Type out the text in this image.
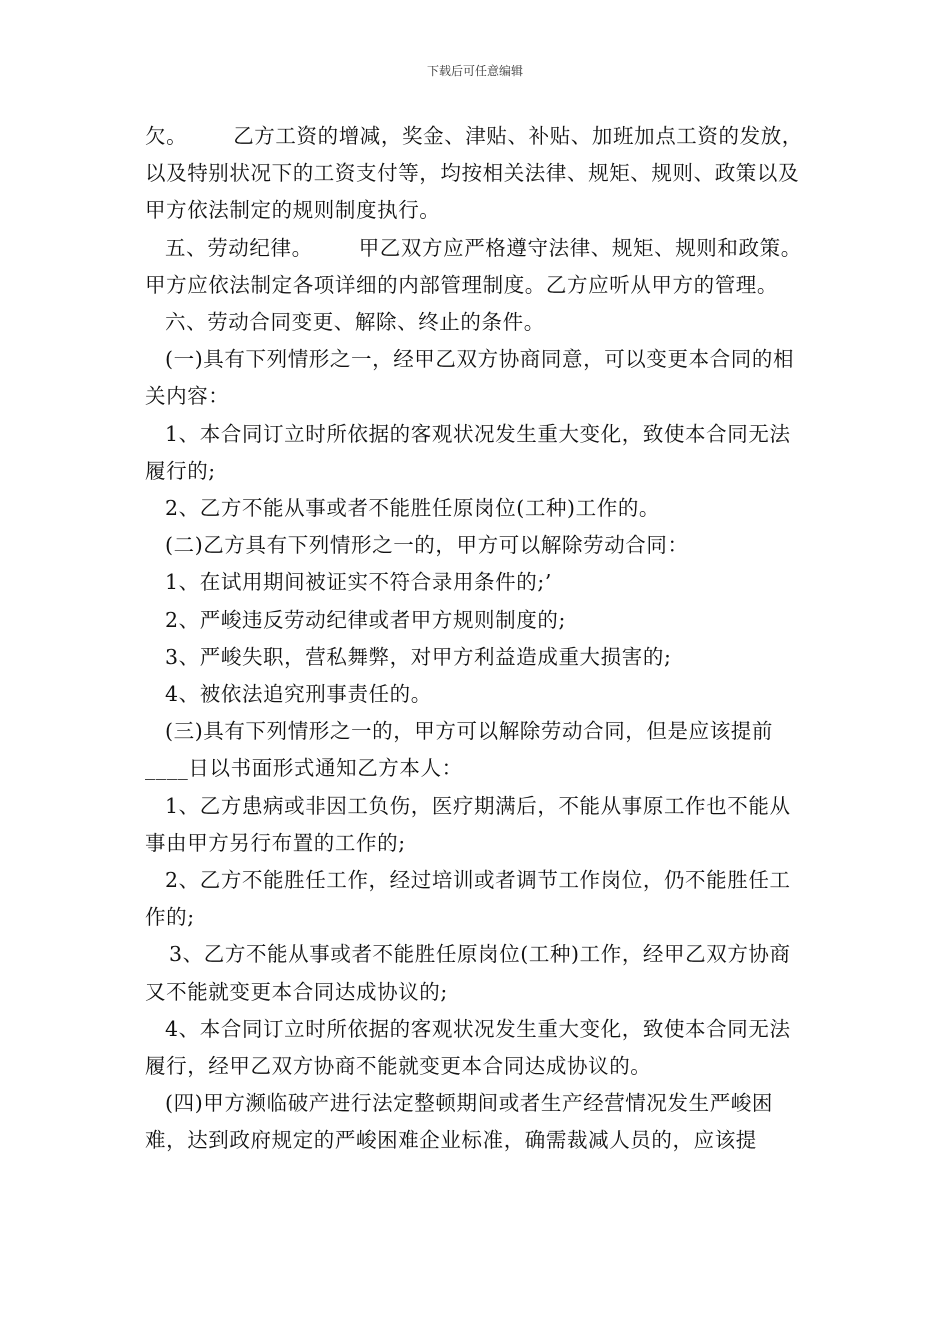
下载后可任意编辑

欠。 乙方工资的增减，奖金、津贴、补贴、加班加点工资的发放，以及特别状况下的工资支付等，均按相关法律、规矩、规则、政策以及甲方依法制定的规则制度执行。

五、劳动纪律。 甲乙双方应严格遵守法律、规矩、规则和政策。甲方应依法制定各项详细的内部管理制度。乙方应听从甲方的管理。

六、劳动合同变更、解除、终止的条件。

(一)具有下列情形之一，经甲乙双方协商同意，可以变更本合同的相关内容：

1、本合同订立时所依据的客观状况发生重大变化，致使本合同无法履行的;

2、乙方不能从事或者不能胜任原岗位(工种)工作的。

(二)乙方具有下列情形之一的，甲方可以解除劳动合同：

1、在试用期间被证实不符合录用条件的;’

2、严峻违反劳动纪律或者甲方规则制度的;

3、严峻失职，营私舞弊，对甲方利益造成重大损害的;

4、被依法追究刑事责任的。

(三)具有下列情形之一的，甲方可以解除劳动合同，但是应该提前____日以书面形式通知乙方本人：

1、乙方患病或非因工负伤，医疗期满后，不能从事原工作也不能从事由甲方另行布置的工作的;

2、乙方不能胜任工作，经过培训或者调节工作岗位，仍不能胜任工作的;

3、乙方不能从事或者不能胜任原岗位(工种)工作，经甲乙双方协商又不能就变更本合同达成协议的;

4、本合同订立时所依据的客观状况发生重大变化，致使本合同无法履行，经甲乙双方协商不能就变更本合同达成协议的。

(四)甲方濒临破产进行法定整顿期间或者生产经营情况发生严峻困难，达到政府规定的严峻困难企业标准，确需裁减人员的，应该提
